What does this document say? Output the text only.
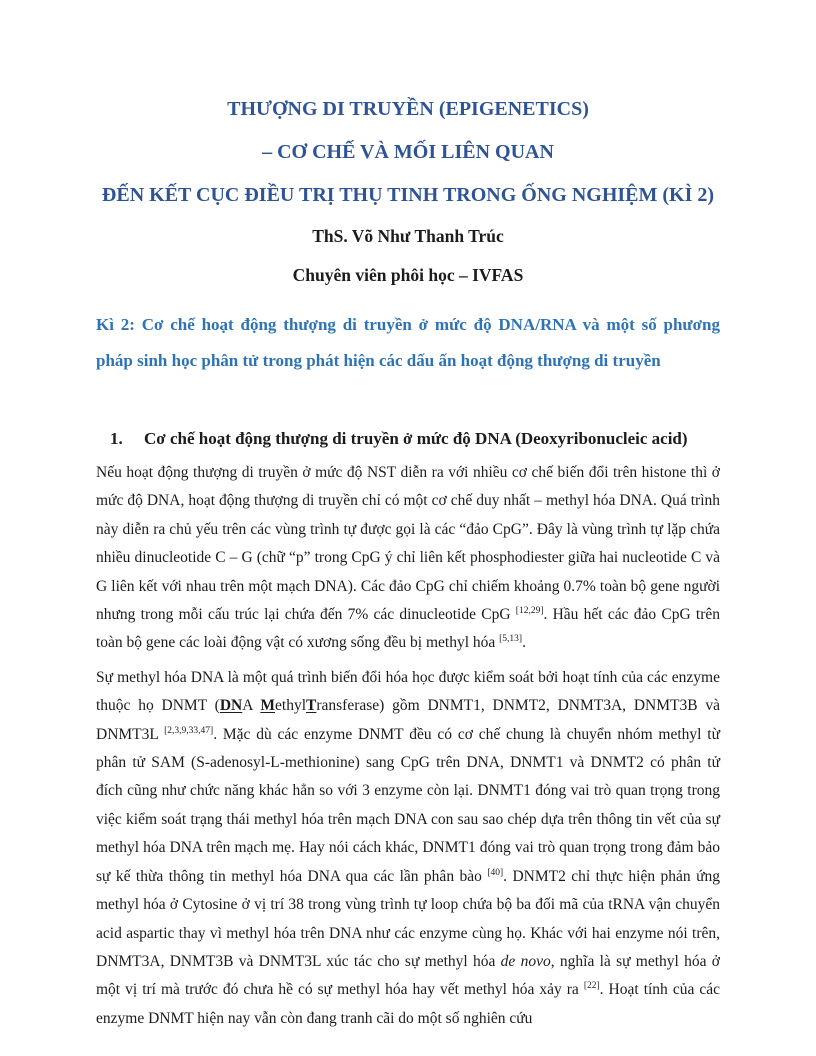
THƯỢNG DI TRUYỀN (EPIGENETICS)
– CƠ CHẾ VÀ MỐI LIÊN QUAN
ĐẾN KẾT CỤC ĐIỀU TRỊ THỤ TINH TRONG ỐNG NGHIỆM (KÌ 2)

ThS. Võ Như Thanh Trúc

Chuyên viên phôi học – IVFAS

Kì 2: Cơ chế hoạt động thượng di truyền ở mức độ DNA/RNA và một số phương pháp sinh học phân tử trong phát hiện các dấu ấn hoạt động thượng di truyền

1. Cơ chế hoạt động thượng di truyền ở mức độ DNA (Deoxyribonucleic acid)

Nếu hoạt động thượng di truyền ở mức độ NST diễn ra với nhiều cơ chế biến đổi trên histone thì ở mức độ DNA, hoạt động thượng di truyền chỉ có một cơ chế duy nhất – methyl hóa DNA. Quá trình này diễn ra chủ yếu trên các vùng trình tự được gọi là các “đảo CpG”. Đây là vùng trình tự lặp chứa nhiều dinucleotide C – G (chữ “p” trong CpG ý chỉ liên kết phosphodiester giữa hai nucleotide C và G liên kết với nhau trên một mạch DNA). Các đảo CpG chỉ chiếm khoảng 0.7% toàn bộ gene người nhưng trong mỗi cấu trúc lại chứa đến 7% các dinucleotide CpG [12,29]. Hầu hết các đảo CpG trên toàn bộ gene các loài động vật có xương sống đều bị methyl hóa [5,13].

Sự methyl hóa DNA là một quá trình biến đổi hóa học được kiểm soát bởi hoạt tính của các enzyme thuộc họ DNMT (DNA MethylTransferase) gồm DNMT1, DNMT2, DNMT3A, DNMT3B và DNMT3L [2,3,9,33,47]. Mặc dù các enzyme DNMT đều có cơ chế chung là chuyển nhóm methyl từ phân tử SAM (S-adenosyl-L-methionine) sang CpG trên DNA, DNMT1 và DNMT2 có phân tử đích cũng như chức năng khác hẳn so với 3 enzyme còn lại. DNMT1 đóng vai trò quan trọng trong việc kiểm soát trạng thái methyl hóa trên mạch DNA con sau sao chép dựa trên thông tin vết của sự methyl hóa DNA trên mạch mẹ. Hay nói cách khác, DNMT1 đóng vai trò quan trọng trong đảm bảo sự kế thừa thông tin methyl hóa DNA qua các lần phân bào [40]. DNMT2 chỉ thực hiện phản ứng methyl hóa ở Cytosine ở vị trí 38 trong vùng trình tự loop chứa bộ ba đối mã của tRNA vận chuyển acid aspartic thay vì methyl hóa trên DNA như các enzyme cùng họ. Khác với hai enzyme nói trên, DNMT3A, DNMT3B và DNMT3L xúc tác cho sự methyl hóa de novo, nghĩa là sự methyl hóa ở một vị trí mà trước đó chưa hề có sự methyl hóa hay vết methyl hóa xảy ra [22]. Hoạt tính của các enzyme DNMT hiện nay vẫn còn đang tranh cãi do một số nghiên cứu
